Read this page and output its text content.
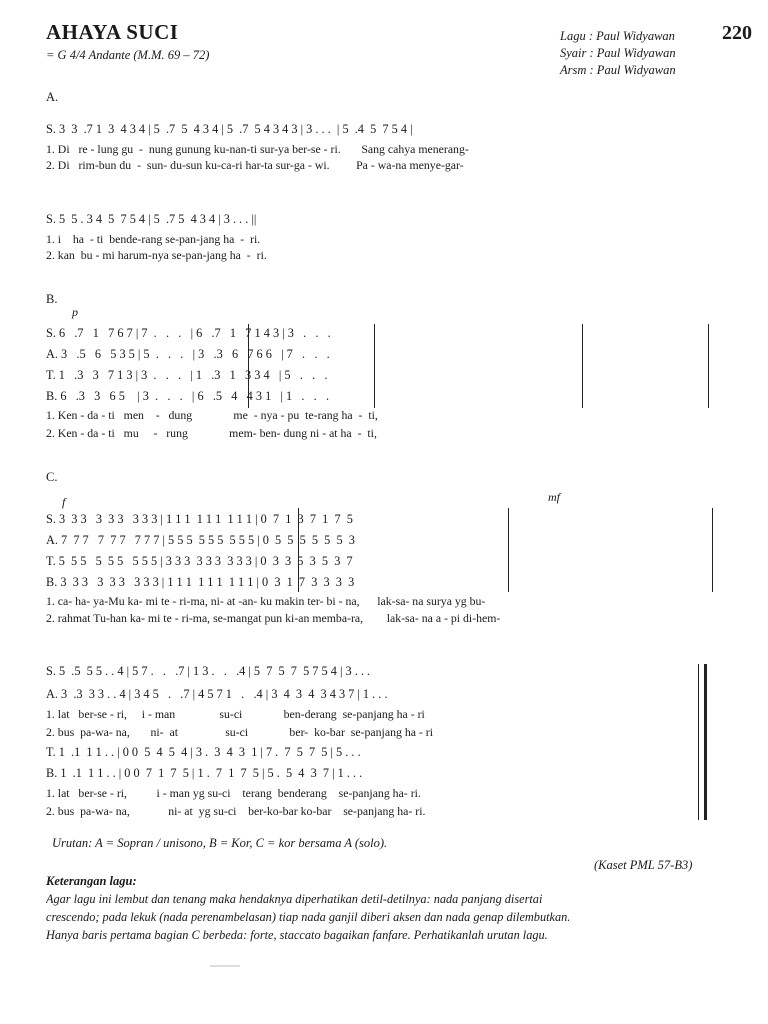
AHAYA SUCI
= G 4/4 Andante (M.M. 69 – 72)
Lagu : Paul Widyawan
Syair : Paul Widyawan
Arsm : Paul Widyawan
220
A.
S. 3  3  .7 1  3  4 3 4 | 5  .7  5  4 3 4 | 5  .7  5 4 3 4 3 | 3 . . .  | 5  .4  5  7 5 4 |
1. Di   re - lung gu  -  nung gunung ku-nan-ti sur-ya ber-se - ri.       Sang cahya menerang-
2. Di   rim-bun du  -  sun- du-sun ku-ca-ri har-ta sur-ga - wi.         Pa - wa-na menye-gar-
S. 5  5 . 3 4  5  7 5 4 | 5  .7 5  4 3 4 | 3 . . . ||
1. i    ha  - ti  bende-rang se-pan-jang ha  -  ri.
2. kan  bu - mi harum-nya se-pan-jang ha  -  ri.
B.
p
S. 6   .7   1   7 6 7 | 7  .   .   .   | 6   .7   1   7 1 4 3 | 3   .   .   .
A. 3   .5   6   5 3 5 | 5  .   .   .   | 3   .3   6   7 6 6   | 7   .   .   .
T. 1   .3   3   7 1 3 | 3  .   .   .   | 1   .3   1   3 3 4   | 5   .   .   .
B. 6   .3   3   6 5    | 3  .   .   .   | 6   .5   4   4 3 1   | 1   .   .   .
1. Ken - da - ti   men    -   dung              me  - nya - pu  te-rang ha  -  ti,
2. Ken - da - ti   mu     -   rung              mem- ben- dung ni - at ha  -  ti,
C.
f	mf
S. 3  3 3   3  3 3   3 3 3 | 1 1 1  1 1 1  1 1 1 | 0  7  1  3  7  1  7  5
A. 7  7 7   7  7 7   7 7 7 | 5 5 5  5 5 5  5 5 5 | 0  5  5  5  5  5  5  3
T. 5  5 5   5  5 5   5 5 5 | 3 3 3  3 3 3  3 3 3 | 0  3  3  5  3  5  3  7
B. 3  3 3   3  3 3   3 3 3 | 1 1 1  1 1 1  1 1 1 | 0  3  1  7  3  3  3  3
1. ca- ha- ya-Mu ka- mi te - ri-ma, ni- at -an- ku makin ter- bi - na,      lak-sa- na surya yg bu-
2. rahmat Tu-han ka- mi te - ri-ma, se-mangat pun ki-an memba-ra,        lak-sa- na a - pi di-hem-
S. 5  .5  5 5 . . 4 | 5 7 .   .   .7 | 1 3 .   .   .4 | 5  7  5  7  5 7 5 4 | 3 . . .
A. 3  .3  3 3 . . 4 | 3 4 5   .   .7 | 4 5 7 1   .   .4 | 3  4  3  4  3 4 3 7 | 1 . . .
1. lat   ber-se - ri,     i - man               su-ci              ben-derang  se-panjang ha - ri
2. bus  pa-wa- na,       ni-  at                su-ci              ber-  ko-bar  se-panjang ha - ri
T. 1  .1  1 1 . . | 0 0  5  4  5  4 | 3 .  3  4  3  1 | 7 .  7  5  7  5 | 5 . . .
B. 1  .1  1 1 . . | 0 0  7  1  7  5 | 1 .  7  1  7  5 | 5 .  5  4  3  7 | 1 . . .
1. lat   ber-se - ri,          i - man yg su-ci    terang  benderang    se-panjang ha- ri.
2. bus  pa-wa- na,             ni- at  yg su-ci    ber-ko-bar ko-bar    se-panjang ha- ri.
Urutan: A = Sopran / unisono, B = Kor, C = kor bersama A (solo).
(Kaset PML 57-B3)
Keterangan lagu:
Agar lagu ini lembut dan tenang maka hendaknya diperhatikan detil-detilnya: nada panjang disertai
crescendo; pada lekuk (nada perenambelasan) tiap nada ganjil diberi aksen dan nada genap dilembutkan.
Hanya baris pertama bagian C berbeda: forte, staccato bagaikan fanfare. Perhatikanlah urutan lagu.
